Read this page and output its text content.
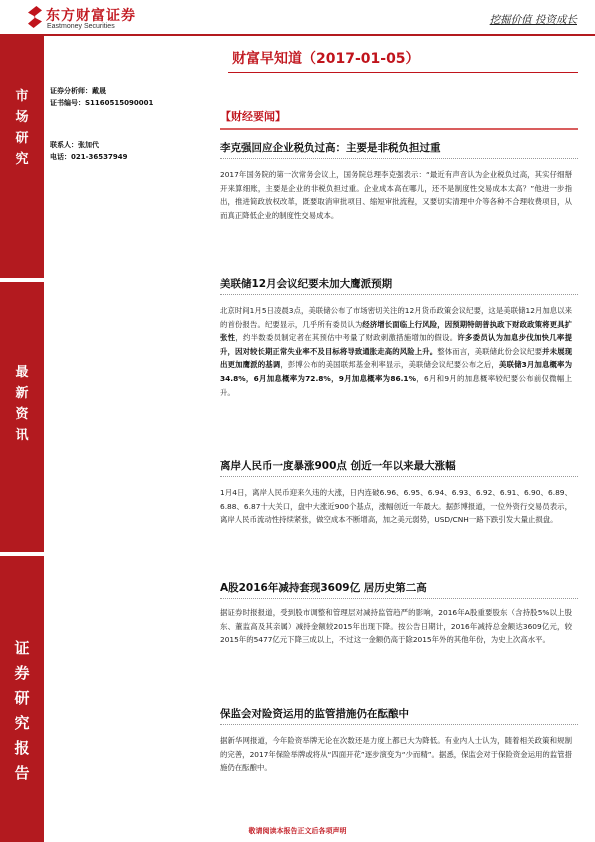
东方财富证券
Eastmoney Securities
挖掘价值 投资成长
市
场
研
究
最
新
资
讯
证
券
研
究
报
告
财富早知道（2017-01-05）
证券分析师：戴晟
证书编号：S1160515090001
联系人：张加代
电话：021-36537949
【财经要闻】
李克强回应企业税负过高：主要是非税负担过重
2017年国务院的第一次常务会议上，国务院总理李克强表示：“最近有声音认为企业税负过高，其实仔细掰开来算细账，主要是企业的非税负担过重。企业成本高在哪儿，还不是制度性交易成本太高？”他进一步指出，推进简政放权改革，既要取消审批项目、缩短审批流程，又要切实清理中介等各种不合理收费项目，从而真正降低企业的制度性交易成本。
美联储12月会议纪要未加大鹰派预期
北京时间1月5日凌晨3点，美联储公布了市场密切关注的12月货币政策会议纪要，这是美联储12月加息以来的首份报告。纪要显示，几乎所有委员认为经济增长面临上行风险，因预期特朗普执政下财政政策将更具扩张性，约半数委员制定者在其预估中考量了财政刺激措施增加的假设。许多委员认为加息步伐加快几率提升，因对较长期正常失业率不及目标将导致通胀走高的风险上升。整体而言，美联储此份会议纪要并未展现出更加鹰派的基调，彭博公布的美国联邦基金利率显示，美联储会议纪要公布之后，美联储3月加息概率为34.8%，6月加息概率为72.8%，9月加息概率为86.1%，6月和9月的加息概率较纪要公布前仅微幅上升。
离岸人民币一度暴涨900点 创近一年以来最大涨幅
1月4日，离岸人民币迎来久违的大涨，日内连破6.96、6.95、6.94、6.93、6.92、6.91、6.90、6.89、6.88、6.87十大关口，盘中大涨近900个基点，涨幅创近一年最大。据彭博报道，一位外资行交易员表示，离岸人民币流动性持续紧张，做空成本不断增高，加之美元弱势，USD/CNH一路下跌引发大量止损盘。
A股2016年减持套现3609亿 居历史第二高
据证券时报报道，受到股市调整和管理层对减持监管趋严的影响，2016年A股重要股东（含持股5%以上股东、董监高及其亲属）减持金额较2015年出现下降。按公告日期计，2016年减持总金额达3609亿元，较2015年的5477亿元下降三成以上，不过这一金额仍高于除2015年外的其他年份，为史上次高水平。
保监会对险资运用的监管措施仍在酝酿中
据新华网报道，今年险资举牌无论在次数还是力度上都已大为降低。有业内人士认为，随着相关政策和规制的完善，2017年保险举牌或将从“四面开花”逐步演变为“少而精”。据悉，保监会对于保险资金运用的监管措施仍在酝酿中。
敬请阅读本报告正文后各项声明
